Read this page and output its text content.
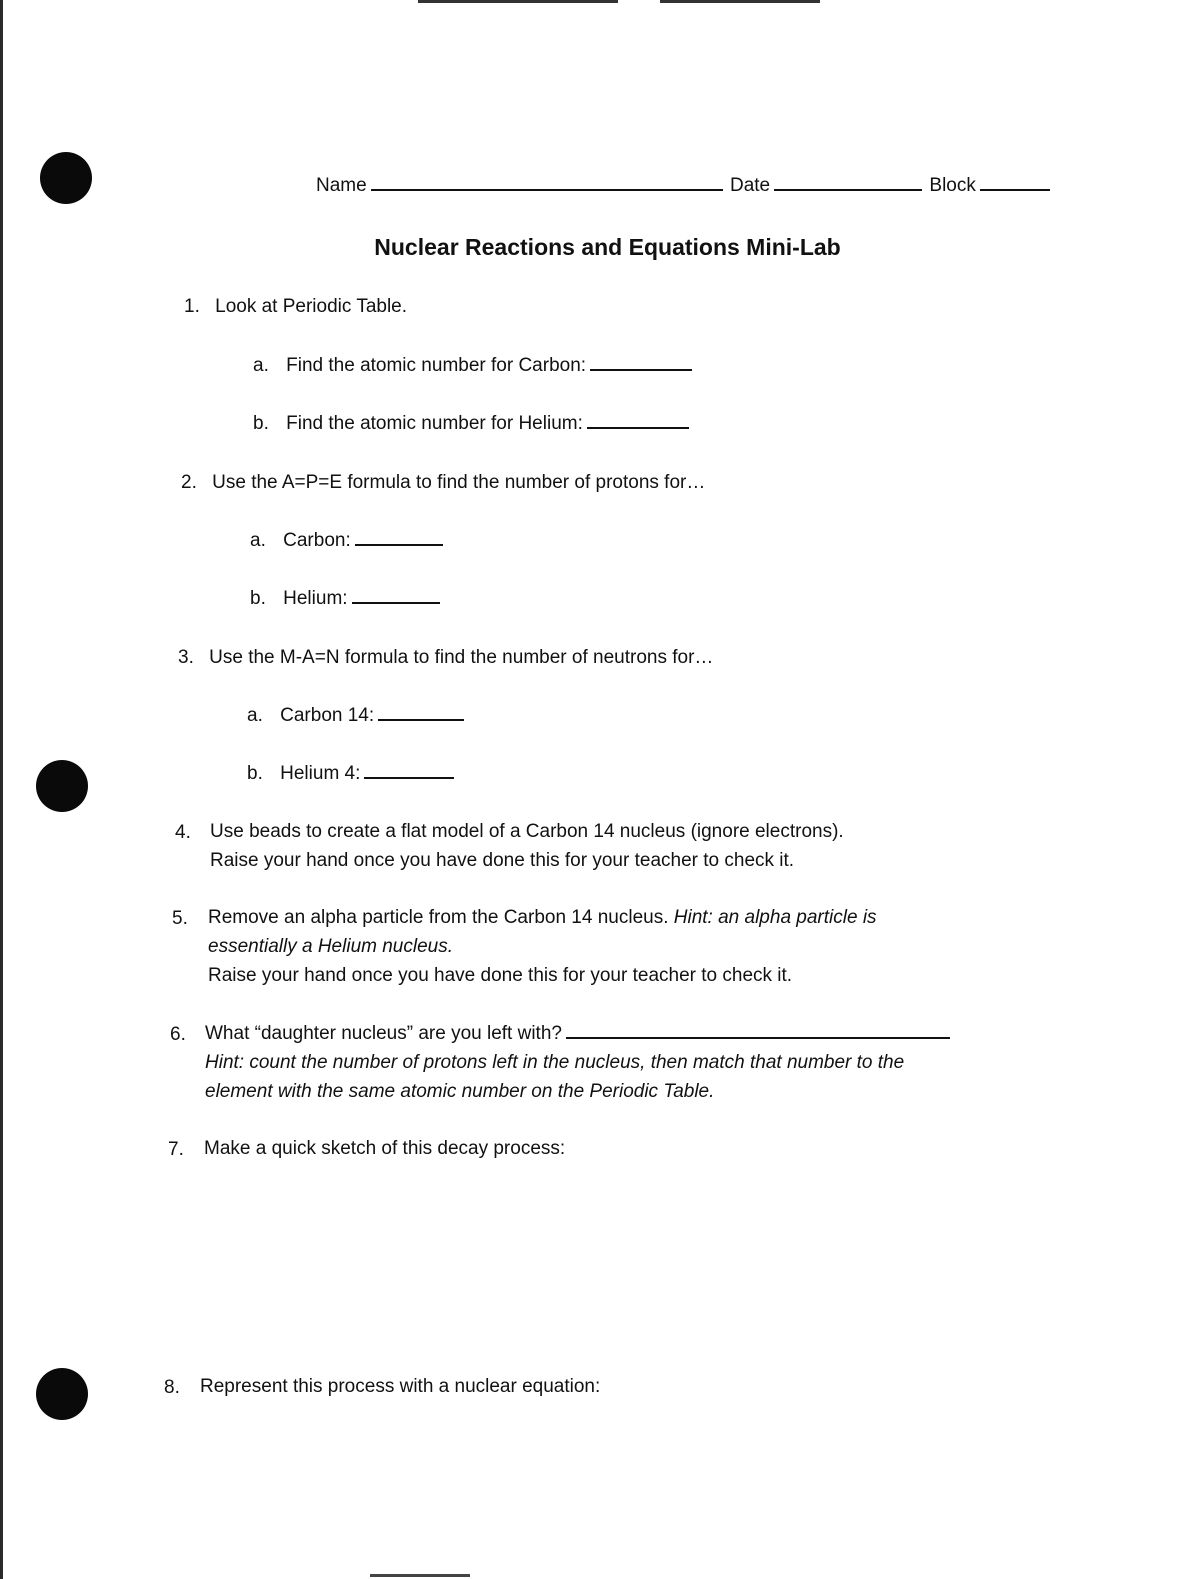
Name	Date	Block
Nuclear Reactions and Equations Mini-Lab
1. Look at Periodic Table.
a. Find the atomic number for Carbon:
b. Find the atomic number for Helium:
2. Use the A=P=E formula to find the number of protons for…
a. Carbon:
b. Helium:
3. Use the M-A=N formula to find the number of neutrons for…
a. Carbon 14:
b. Helium 4:
4. Use beads to create a flat model of a Carbon 14 nucleus (ignore electrons).
Raise your hand once you have done this for your teacher to check it.
5. Remove an alpha particle from the Carbon 14 nucleus. Hint: an alpha particle is
essentially a Helium nucleus.
Raise your hand once you have done this for your teacher to check it.
6. What “daughter nucleus” are you left with?
Hint: count the number of protons left in the nucleus, then match that number to the
element with the same atomic number on the Periodic Table.
7. Make a quick sketch of this decay process:
8. Represent this process with a nuclear equation:
